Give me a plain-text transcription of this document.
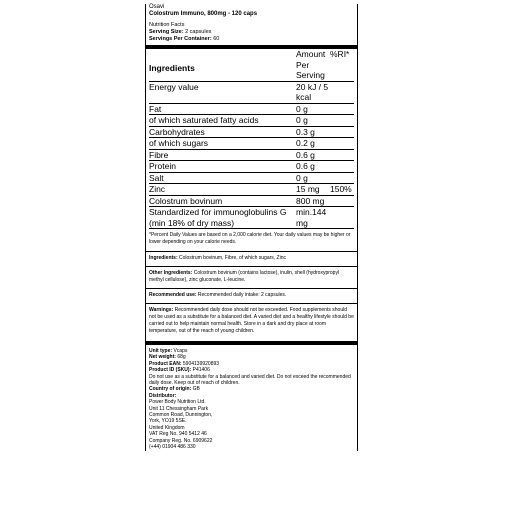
Osavi
Colostrum Immuno, 800mg - 120 caps
Nutrition Facts
Serving Size: 2 capsules
Servings Per Container: 60
Ingredients	Amount Per Serving	%RI*
Energy value	20 kJ / 5 kcal	
Fat	0 g	
of which saturated fatty acids	0 g	
Carbohydrates	0.3 g	
of which sugars	0.2 g	
Fibre	0.6 g	
Protein	0.6 g	
Salt	0 g	
Zinc	15 mg	150%
Colostrum bovinum	800 mg	
Standardized for immunoglobulins G (min 18% of dry mass)	min.144 mg	
*Percent Daily Values are based on a 2,000 calorie diet. Your daily values may be higher or lower depending on your calorie needs.
Ingredients: Colostrum bovinum, Fibre, of which sugars, Zinc
Other Ingredients: Colostrum bovinum (contains lactose), inulin, shell (hydroxypropyl methyl cellulose), zinc gluconate, L-leucine.
Recommended use: Recommended daily intake: 2 capsules.
Warnings: Recommended daily dose should not be exceeded. Food supplements should not be used as a substitute for a balanced diet. A varied diet and a healthy lifestyle should be carried out to help maintain normal health. Store in a dark and dry place at room temperature, out of the reach of young children.
Unit type: Vcaps
Net weight: 68g
Product EAN: 5904139920893
Product ID (SKU): P41406
Do not use as a substitute for a balanced and varied diet. Do not exceed the recommended daily dose. Keep out of reach of children.
Country of origin: GB
Distributor:
Power Body Nutrition Ltd.
Unit 11 Chessingham Park
Common Road, Dunnington,
York, YO19 5SE.
United Kingdom
VAT Reg No. 940 5412 46
Company Reg. No. 6909622
(+44) 01904 486 330
